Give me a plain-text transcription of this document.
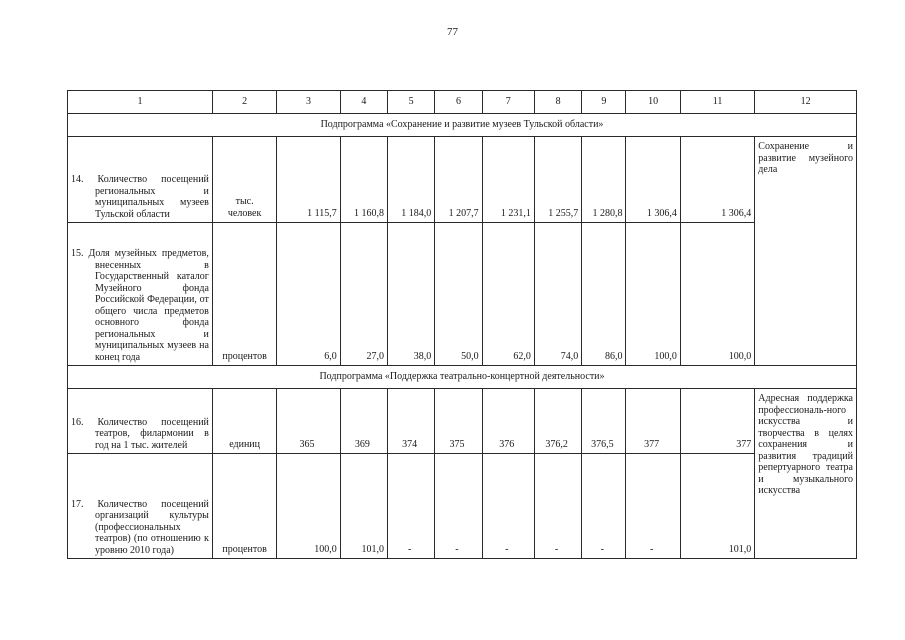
77
1	2	3	4	5	6	7	8	9	10	11	12
Подпрограмма «Сохранение и развитие музеев Тульской области»											

14. Количество посещений региональных и муниципальных музеев Тульской области	тыс.
человек	1 115,7	1 160,8	1 184,0	1 207,7	1 231,1	1 255,7	1 280,8	1 306,4	1 306,4	Сохранение и развитие музейного дела

15. Доля музейных предметов, внесенных в Государственный каталог Музейного фонда Российской Федерации, от общего числа предметов основного фонда региональных и муниципальных музеев на конец года	процентов	6,0	27,0	38,0	50,0	62,0	74,0	86,0	100,0	100,0	
Подпрограмма «Поддержка театрально-концертной деятельности»											

16. Количество посещений театров, филармонии в год на 1 тыс. жителей	единиц	365	369	374	375	376	376,2	376,5	377	377	Адресная поддержка профессиональ-ного искусства и творчества в целях сохранения и развития традиций репертуарного театра и музыкального искусства

17. Количество посещений организаций культуры (профессиональных театров) (по отношению к уровню 2010 года)	процентов	100,0	101,0	-	-	-	-	-	-	101,0	
